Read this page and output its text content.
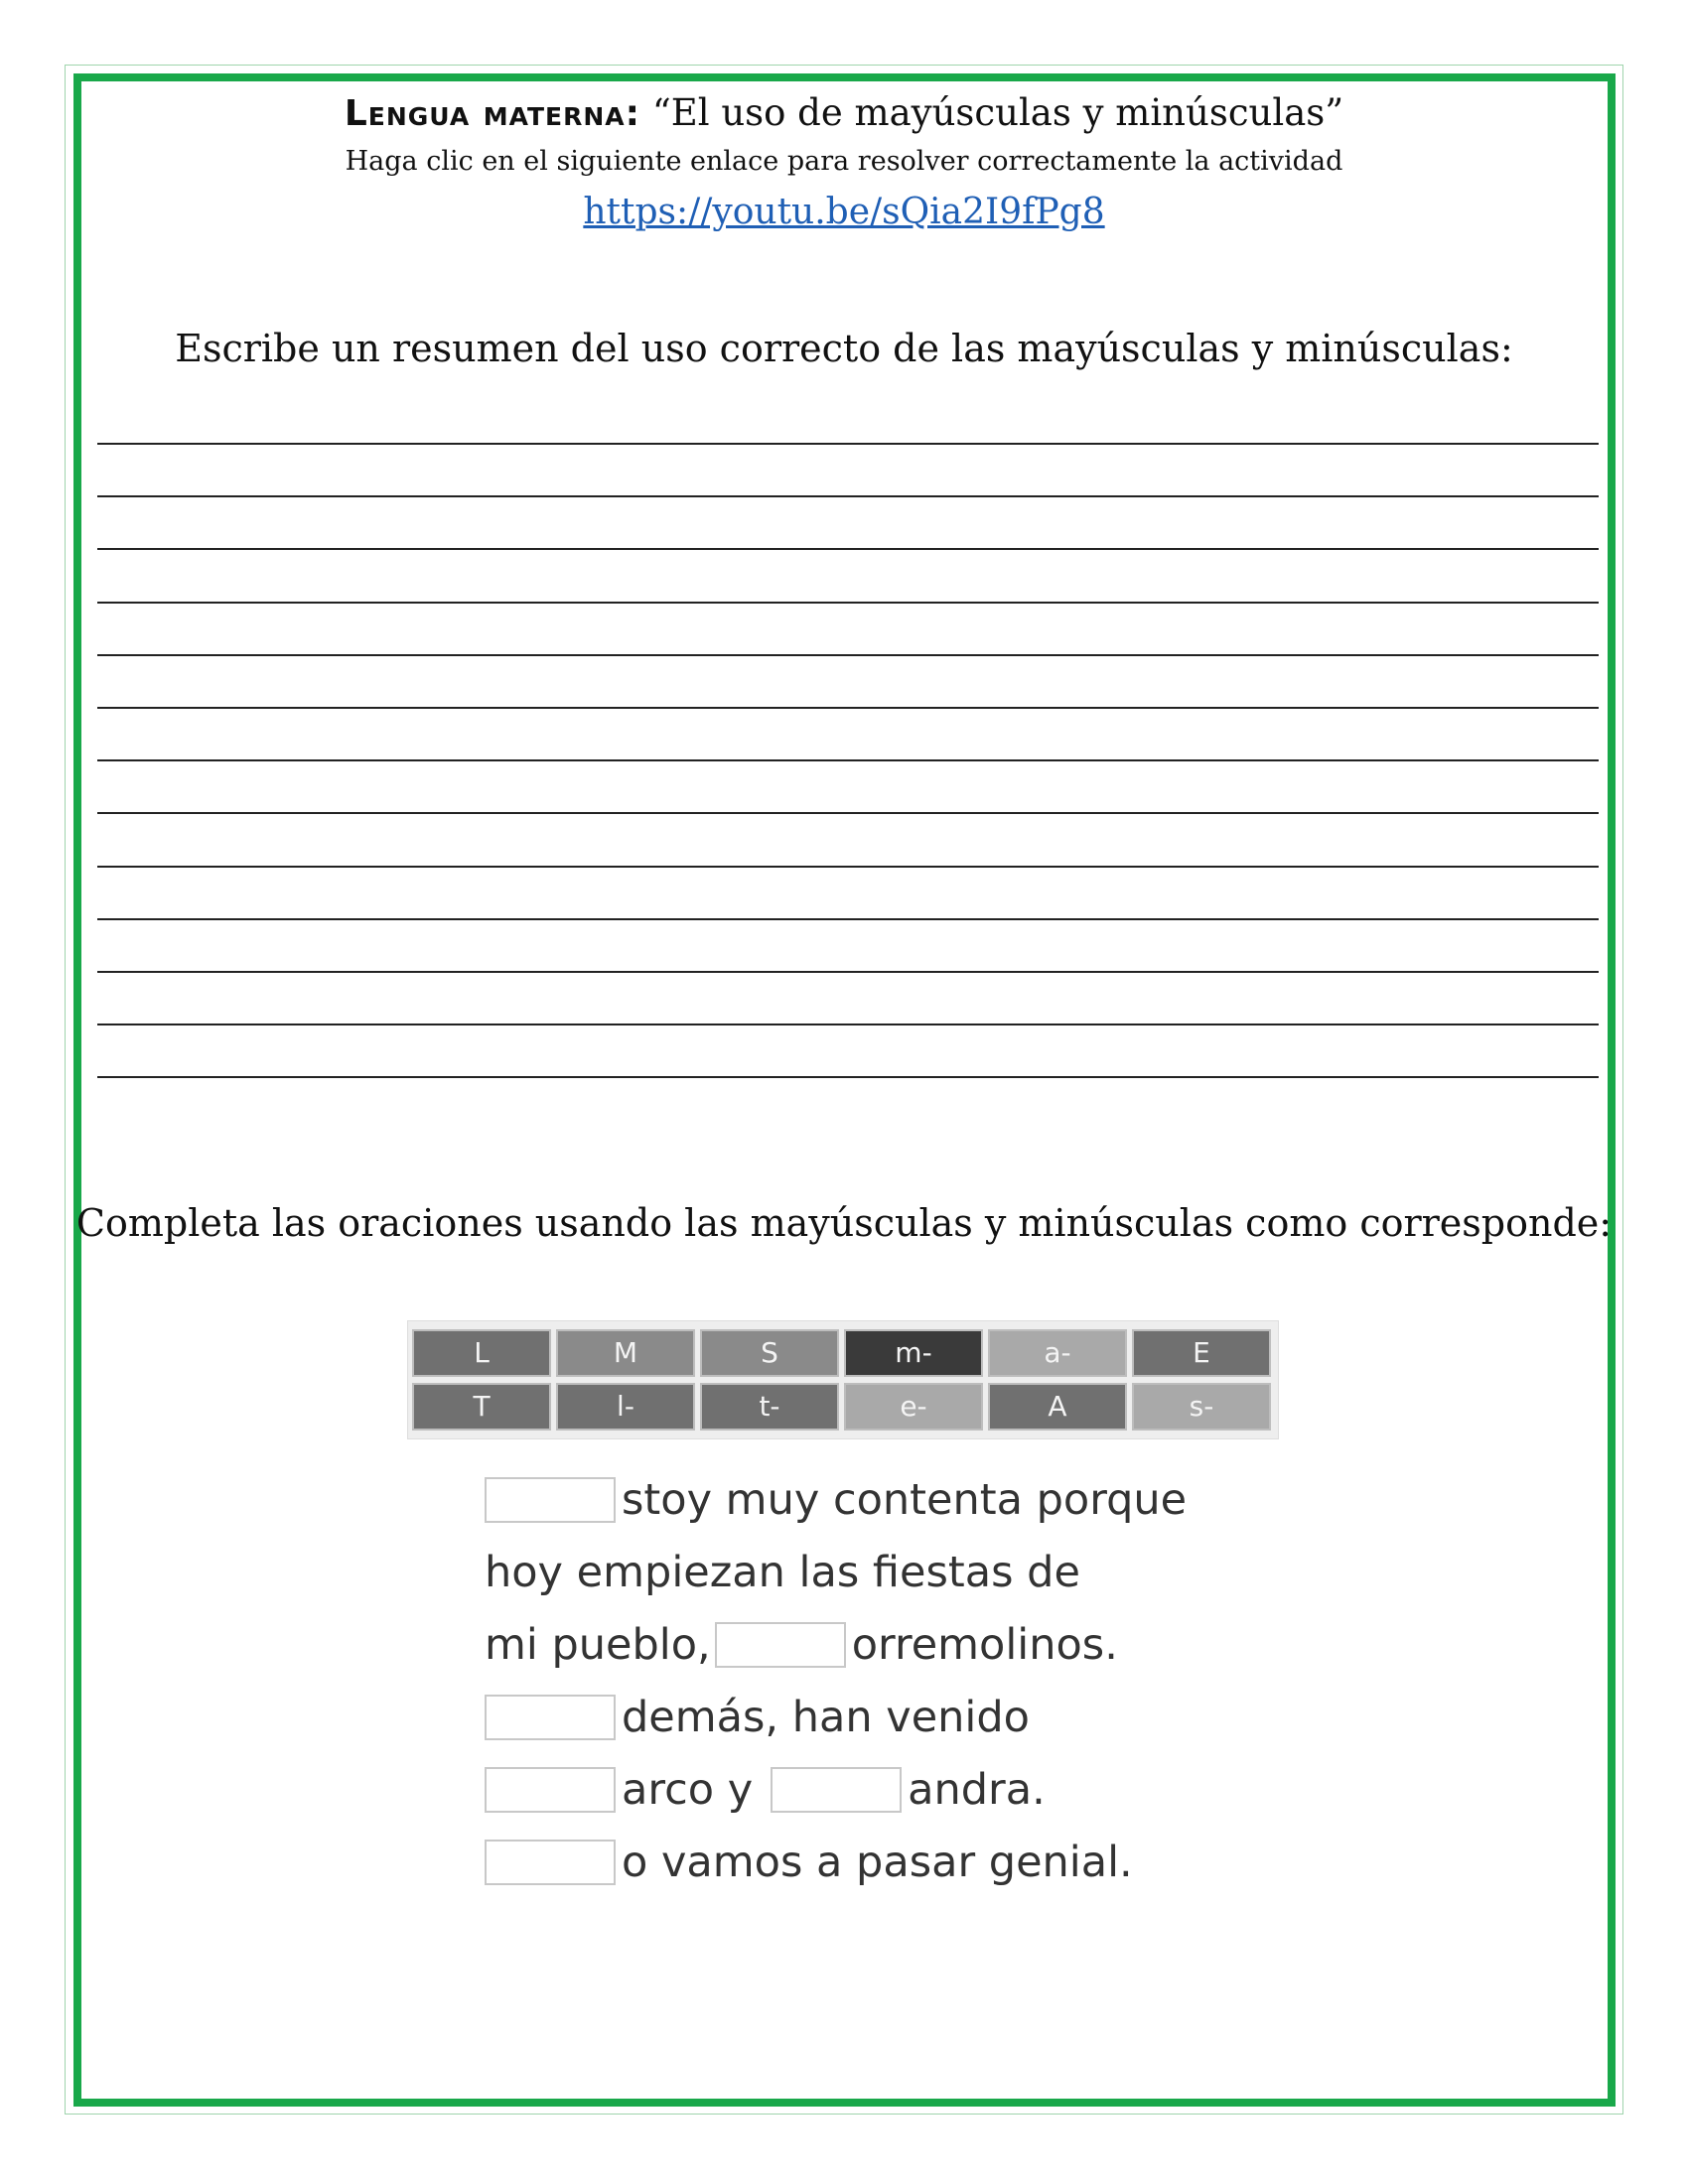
Lengua materna: “El uso de mayúsculas y minúsculas”
Haga clic en el siguiente enlace para resolver correctamente la actividad
https://youtu.be/sQia2I9fPg8
Escribe un resumen del uso correcto de las mayúsculas y minúsculas:
Completa las oraciones usando las mayúsculas y minúsculas como corresponde:
L	M	S	m-	a-	E
T	l-	t-	e-	A	s-
stoy muy contenta porque
hoy empiezan las fiestas de
mi pueblo,	orremolinos.
demás, han venido
arco y	andra.
o vamos a pasar genial.
